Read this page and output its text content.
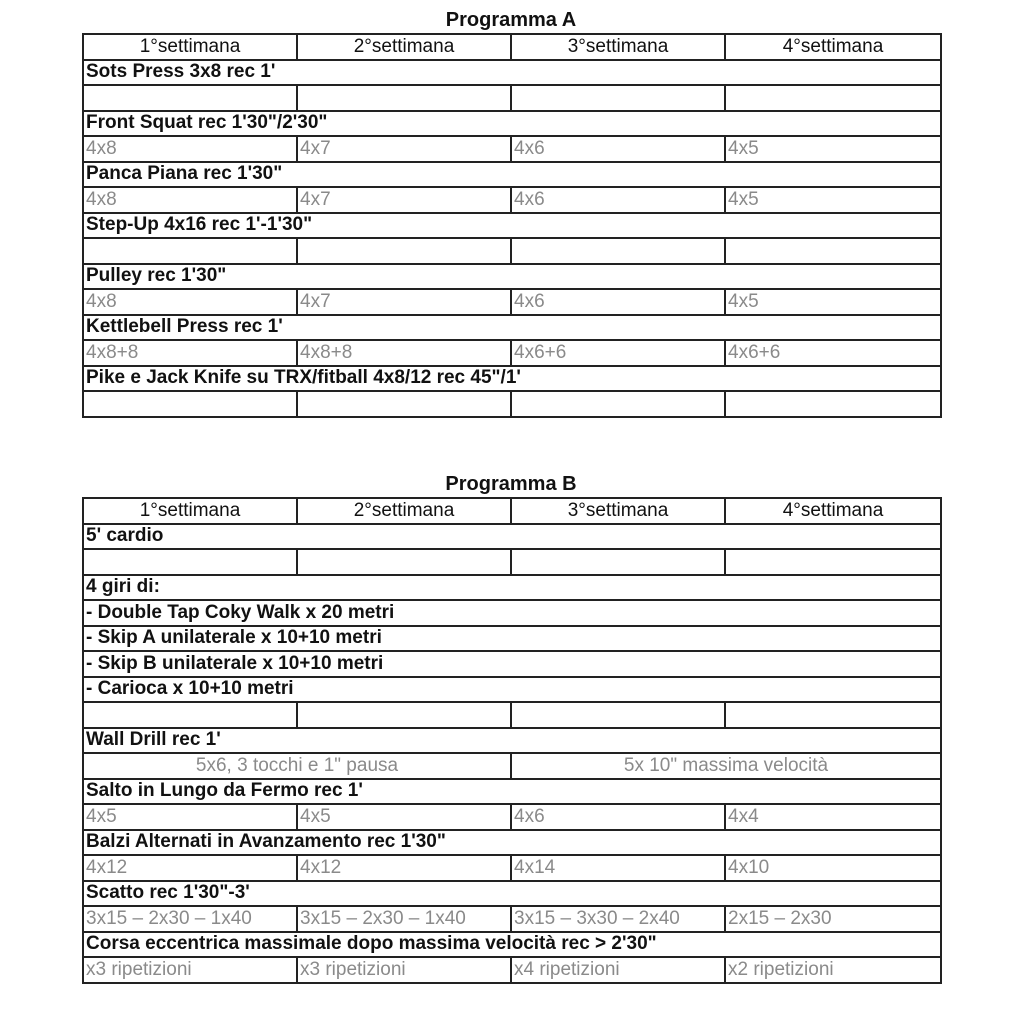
Programma A
1°settimana	2°settimana	3°settimana	4°settimana
Sots Press 3x8 rec 1'			

Front Squat rec 1'30"/2'30"			
4x8	4x7	4x6	4x5
Panca Piana rec 1'30"			
4x8	4x7	4x6	4x5
Step-Up 4x16 rec 1'-1'30"			

Pulley rec 1'30"			
4x8	4x7	4x6	4x5
Kettlebell Press rec 1'			
4x8+8	4x8+8	4x6+6	4x6+6
Pike e Jack Knife su TRX/fitball 4x8/12 rec 45"/1'			

Programma B
1°settimana	2°settimana	3°settimana	4°settimana
5' cardio			

4 giri di:			
- Double Tap Coky Walk x 20 metri			
- Skip A unilaterale x 10+10 metri			
- Skip B unilaterale x 10+10 metri			
- Carioca x 10+10 metri			

Wall Drill rec 1'			
5x6, 3 tocchi e 1" pausa		5x 10" massima velocità	
Salto in Lungo da Fermo rec 1'			
4x5	4x5	4x6	4x4
Balzi Alternati in Avanzamento rec 1'30"			
4x12	4x12	4x14	4x10
Scatto rec 1'30"-3'			
3x15 – 2x30 – 1x40	3x15 – 2x30 – 1x40	3x15 – 3x30 – 2x40	2x15 – 2x30
Corsa eccentrica massimale dopo massima velocità rec > 2'30"			
x3 ripetizioni	x3 ripetizioni	x4 ripetizioni	x2 ripetizioni
